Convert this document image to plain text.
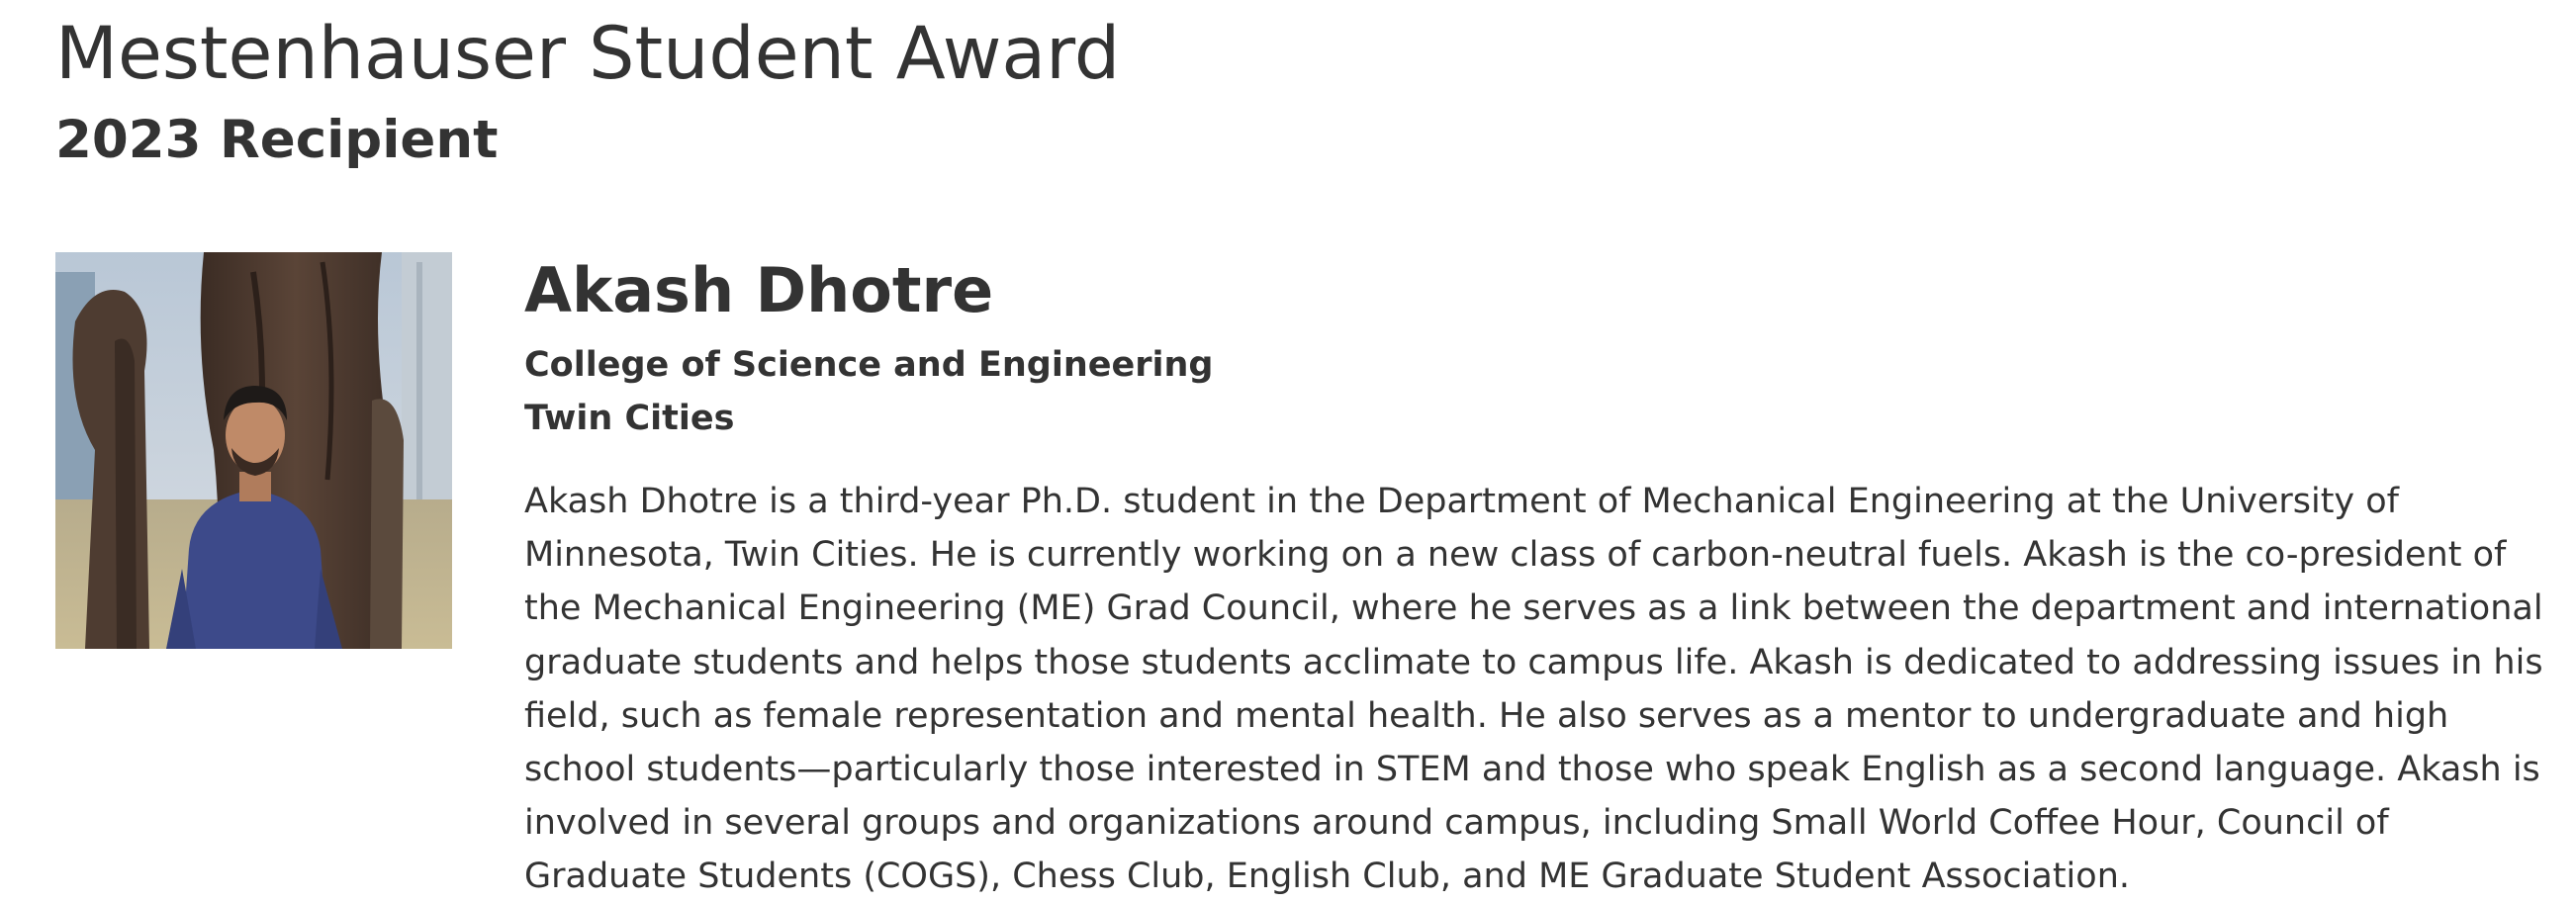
Mestenhauser Student Award
2023 Recipient
Akash Dhotre

College of Science and Engineering

Twin Cities

Akash Dhotre is a third-year Ph.D. student in the Department of Mechanical Engineering at the University of Minnesota, Twin Cities. He is currently working on a new class of carbon-neutral fuels. Akash is the co-president of the Mechanical Engineering (ME) Grad Council, where he serves as a link between the department and international graduate students and helps those students acclimate to campus life. Akash is dedicated to addressing issues in his field, such as female representation and mental health. He also serves as a mentor to undergraduate and high school students—particularly those interested in STEM and those who speak English as a second language. Akash is involved in several groups and organizations around campus, including Small World Coffee Hour, Council of Graduate Students (COGS), Chess Club, English Club, and ME Graduate Student Association.
